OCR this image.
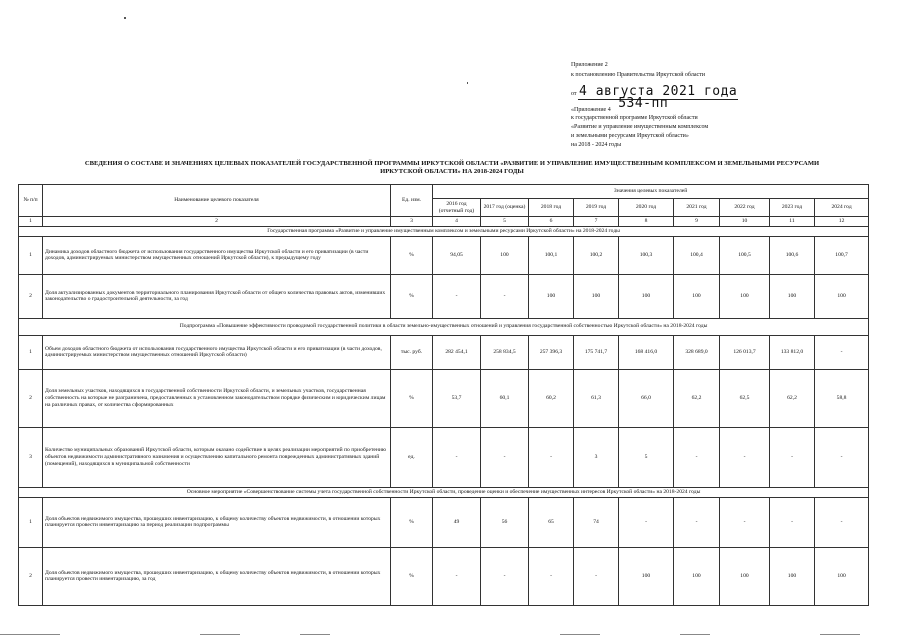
Приложение 2
к постановлению Правительства Иркутской области
от 4 августа 2021 года
«Приложение 4 534-пп
к государственной программе Иркутской области
«Развитие и управление имущественным комплексом
и земельными ресурсами Иркутской области»
на 2018 - 2024 годы
СВЕДЕНИЯ О СОСТАВЕ И ЗНАЧЕНИЯХ ЦЕЛЕВЫХ ПОКАЗАТЕЛЕЙ ГОСУДАРСТВЕННОЙ ПРОГРАММЫ ИРКУТСКОЙ ОБЛАСТИ «РАЗВИТИЕ И УПРАВЛЕНИЕ ИМУЩЕСТВЕННЫМ КОМПЛЕКСОМ И ЗЕМЕЛЬНЫМИ РЕСУРСАМИ
ИРКУТСКОЙ ОБЛАСТИ» НА 2018-2024 ГОДЫ
№ п/п	Наименование целевого показателя	Ед. изм.	Значения целевых показателей								
			2016 год (отчетный год)	2017 год (оценка)	2018 год	2019 год	2020 год	2021 год	2022 год	2023 год	2024 год
1	2	3	4	5	6	7	8	9	10	11	12
Государственная программа «Развитие и управление имущественным комплексом и земельными ресурсами Иркутской области» на 2018-2024 годы											
1	Динамика доходов областного бюджета от использования государственного имущества Иркутской области и его приватизации (в части доходов, администрируемых министерством имущественных отношений Иркутской области), к предыдущему году	%	94,05	100	100,1	100,2	100,3	100,4	100,5	100,6	100,7
2	Доля актуализированных документов территориального планирования Иркутской области от общего количества правовых актов, изменивших законодательство о градостроительной деятельности, за год	%	-	-	100	100	100	100	100	100	100
Подпрограмма «Повышение эффективности проводимой государственной политики в области земельно-имущественных отношений и управления государственной собственностью Иркутской области» на 2018-2024 годы											
1	Объем доходов областного бюджета от использования государственного имущества Иркутской области и его приватизации (в части доходов, администрируемых министерством имущественных отношений Иркутской области)	тыс. руб.	282 454,1	258 834,5	257 396,3	175 741,7	168 416,0	328 689,0	126 013,7	133 812,0	-
2	Доля земельных участков, находящихся в государственной собственности Иркутской области, и земельных участков, государственная собственность на которые не разграничена, предоставленных в установленном законодательством порядке физическим и юридическим лицам на различных правах, от количества сформированных	%	53,7	60,1	60,2	61,3	66,0	62,2	62,5	62,2	58,8
3	Количество муниципальных образований Иркутской области, которым оказано содействие в целях реализации мероприятий по приобретению объектов недвижимости административного назначения и осуществлению капитального ремонта поврежденных административных зданий (помещений), находящихся в муниципальной собственности	ед.	-	-	-	3	5	-	-	-	-
Основное мероприятие «Совершенствование системы учета государственной собственности Иркутской области, проведение оценки и обеспечение имущественных интересов Иркутской области» на 2018-2024 годы											
1	Доля объектов недвижимого имущества, прошедших инвентаризацию, к общему количеству объектов недвижимости, в отношении которых планируется провести инвентаризацию за период реализации подпрограммы	%	49	56	65	74	-	-	-	-	-
2	Доля объектов недвижимого имущества, прошедших инвентаризацию, к общему количеству объектов недвижимости, в отношении которых планируется провести инвентаризацию, за год	%	-	-	-	-	100	100	100	100	100
